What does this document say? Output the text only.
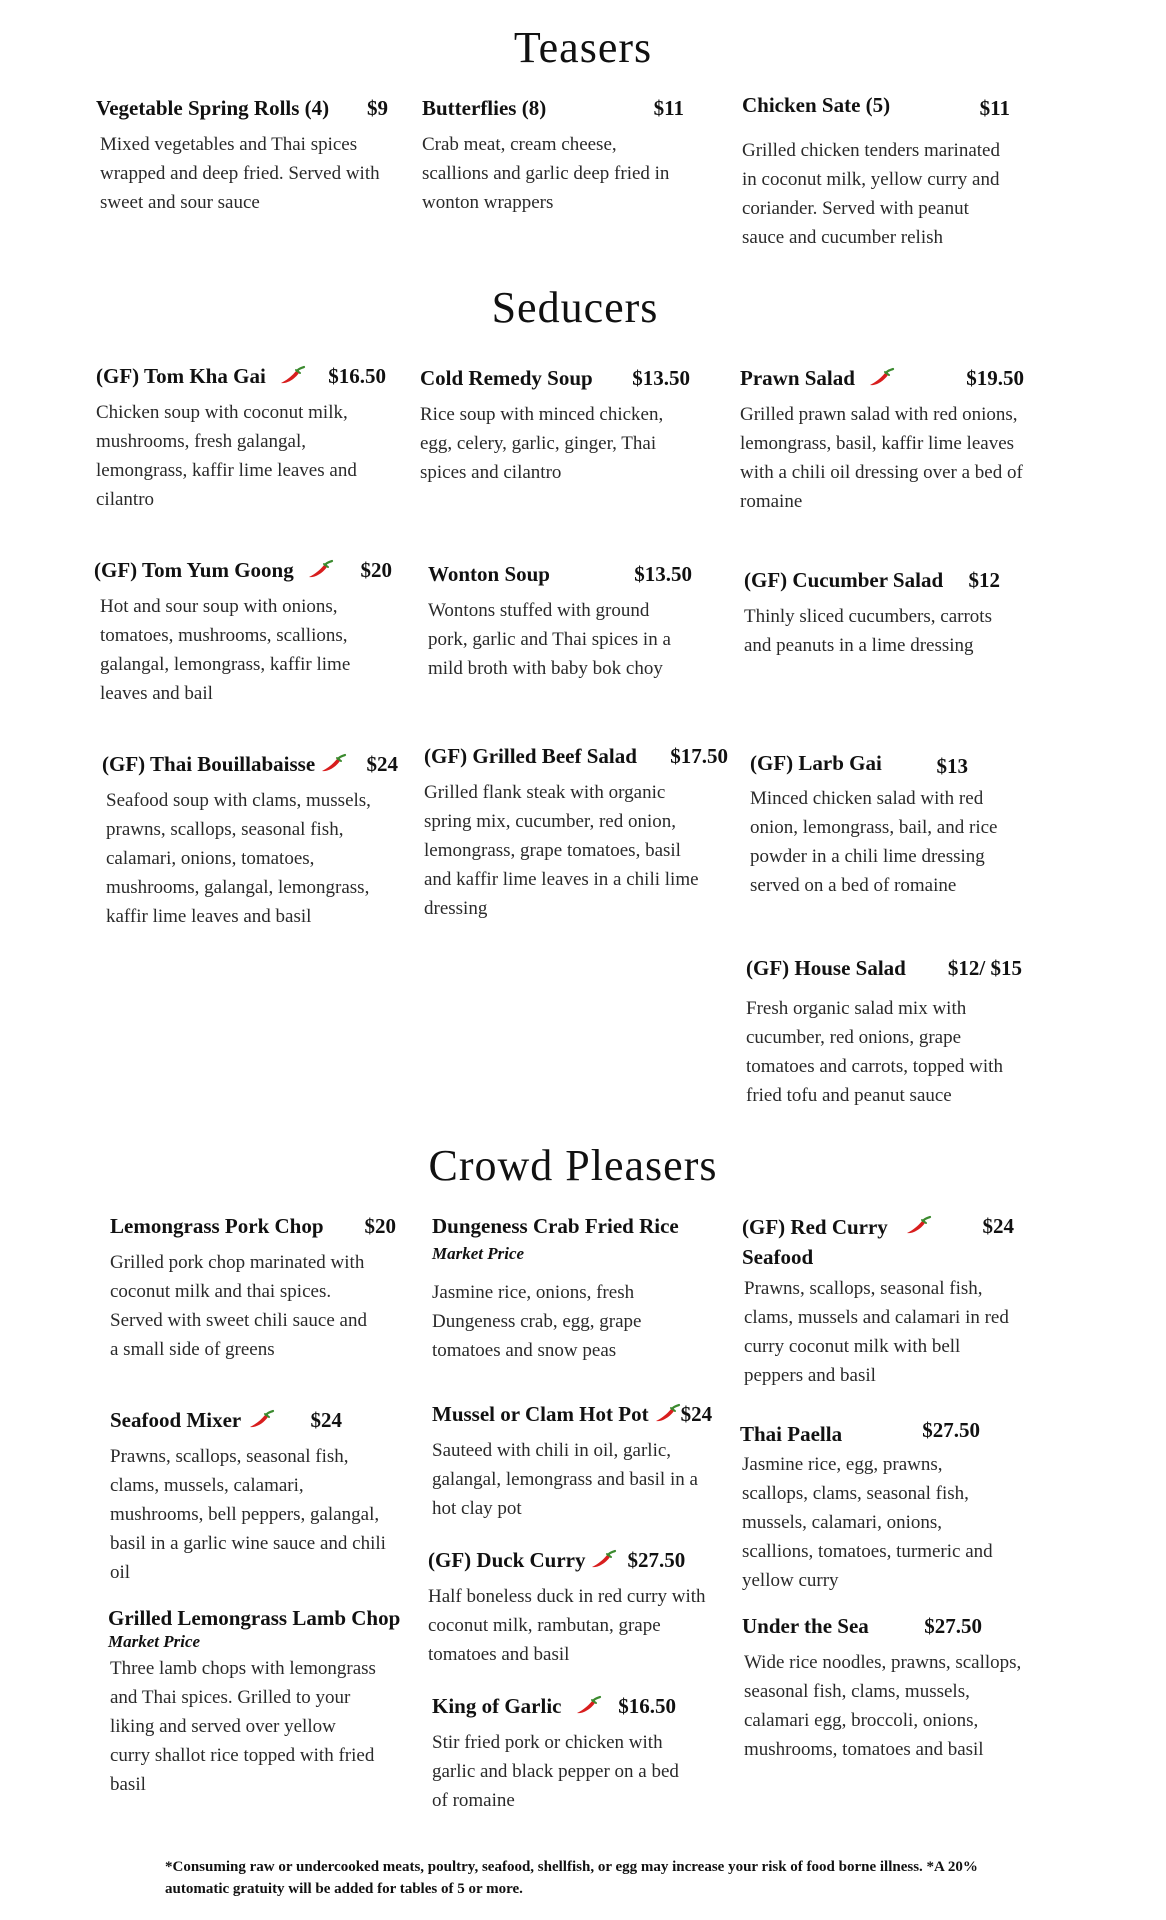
Teasers
Seducers
Crowd Pleasers
Vegetable Spring Rolls (4)	$9
Mixed vegetables and Thai spices wrapped and deep fried. Served with sweet and sour sauce
Butterflies (8)	$11
Crab meat, cream cheese, scallions and garlic deep fried in wonton wrappers
Chicken Sate (5)	$11
Grilled chicken tenders marinated in coconut milk, yellow curry and coriander. Served with peanut sauce and cucumber relish
(GF) Tom Kha Gai	$16.50
Chicken soup with coconut milk, mushrooms, fresh galangal, lemongrass, kaffir lime leaves and cilantro
Cold Remedy Soup	$13.50
Rice soup with minced chicken, egg, celery, garlic, ginger, Thai spices and cilantro
Prawn Salad	$19.50
Grilled prawn salad with red onions, lemongrass, basil, kaffir lime leaves with a chili oil dressing over a bed of romaine
(GF) Tom Yum Goong	$20
Hot and sour soup with onions, tomatoes, mushrooms, scallions, galangal, lemongrass, kaffir lime leaves and bail
Wonton Soup	$13.50
Wontons stuffed with ground pork, garlic and Thai spices in a mild broth with baby bok choy
(GF) Cucumber Salad	$12
Thinly sliced cucumbers, carrots and peanuts in a lime dressing
(GF) Thai Bouillabaisse $24
Seafood soup with clams, mussels, prawns, scallops, seasonal fish, calamari, onions, tomatoes, mushrooms, galangal, lemongrass, kaffir lime leaves and basil
(GF) Grilled Beef Salad	$17.50
Grilled flank steak with organic spring mix, cucumber, red onion, lemongrass, grape tomatoes, basil and kaffir lime leaves in a chili lime dressing
(GF) Larb Gai	$13
Minced chicken salad with red onion, lemongrass, bail, and rice powder in a chili lime dressing served on a bed of romaine
(GF) House Salad	$12/ $15
Fresh organic salad mix with cucumber, red onions, grape tomatoes and carrots, topped with fried tofu and peanut sauce
Lemongrass Pork Chop	$20
Grilled pork chop marinated with coconut milk and thai spices. Served with sweet chili sauce and a small side of greens
Dungeness Crab Fried Rice
Market Price
Jasmine rice, onions, fresh Dungeness crab, egg, grape tomatoes and snow peas
(GF) Red Curry Seafood
$24
Prawns, scallops, seasonal fish, clams, mussels and calamari in red curry coconut milk with bell peppers and basil
Seafood Mixer	$24
Prawns, scallops, seasonal fish, clams, mussels, calamari, mushrooms, bell peppers, galangal, basil in a garlic wine sauce and chili oil
Mussel or Clam Hot Pot $24
Sauteed with chili in oil, garlic, galangal, lemongrass and basil in a hot clay pot
Thai Paella	$27.50
Jasmine rice, egg, prawns, scallops, clams, seasonal fish, mussels, calamari, onions, scallions, tomatoes, turmeric and yellow curry
Grilled Lemongrass Lamb Chop
Market Price
Three lamb chops with lemongrass and Thai spices. Grilled to your liking and served over yellow curry shallot rice topped with fried basil
(GF) Duck Curry	$27.50
Half boneless duck in red curry with coconut milk, rambutan, grape tomatoes and basil
Under the Sea	$27.50
Wide rice noodles, prawns, scallops, seasonal fish, clams, mussels, calamari egg, broccoli, onions, mushrooms, tomatoes and basil
King of Garlic	$16.50
Stir fried pork or chicken with garlic and black pepper on a bed of romaine
*Consuming raw or undercooked meats, poultry, seafood, shellfish, or egg may increase your risk of food borne illness. *A 20% automatic gratuity will be added for tables of 5 or more.
